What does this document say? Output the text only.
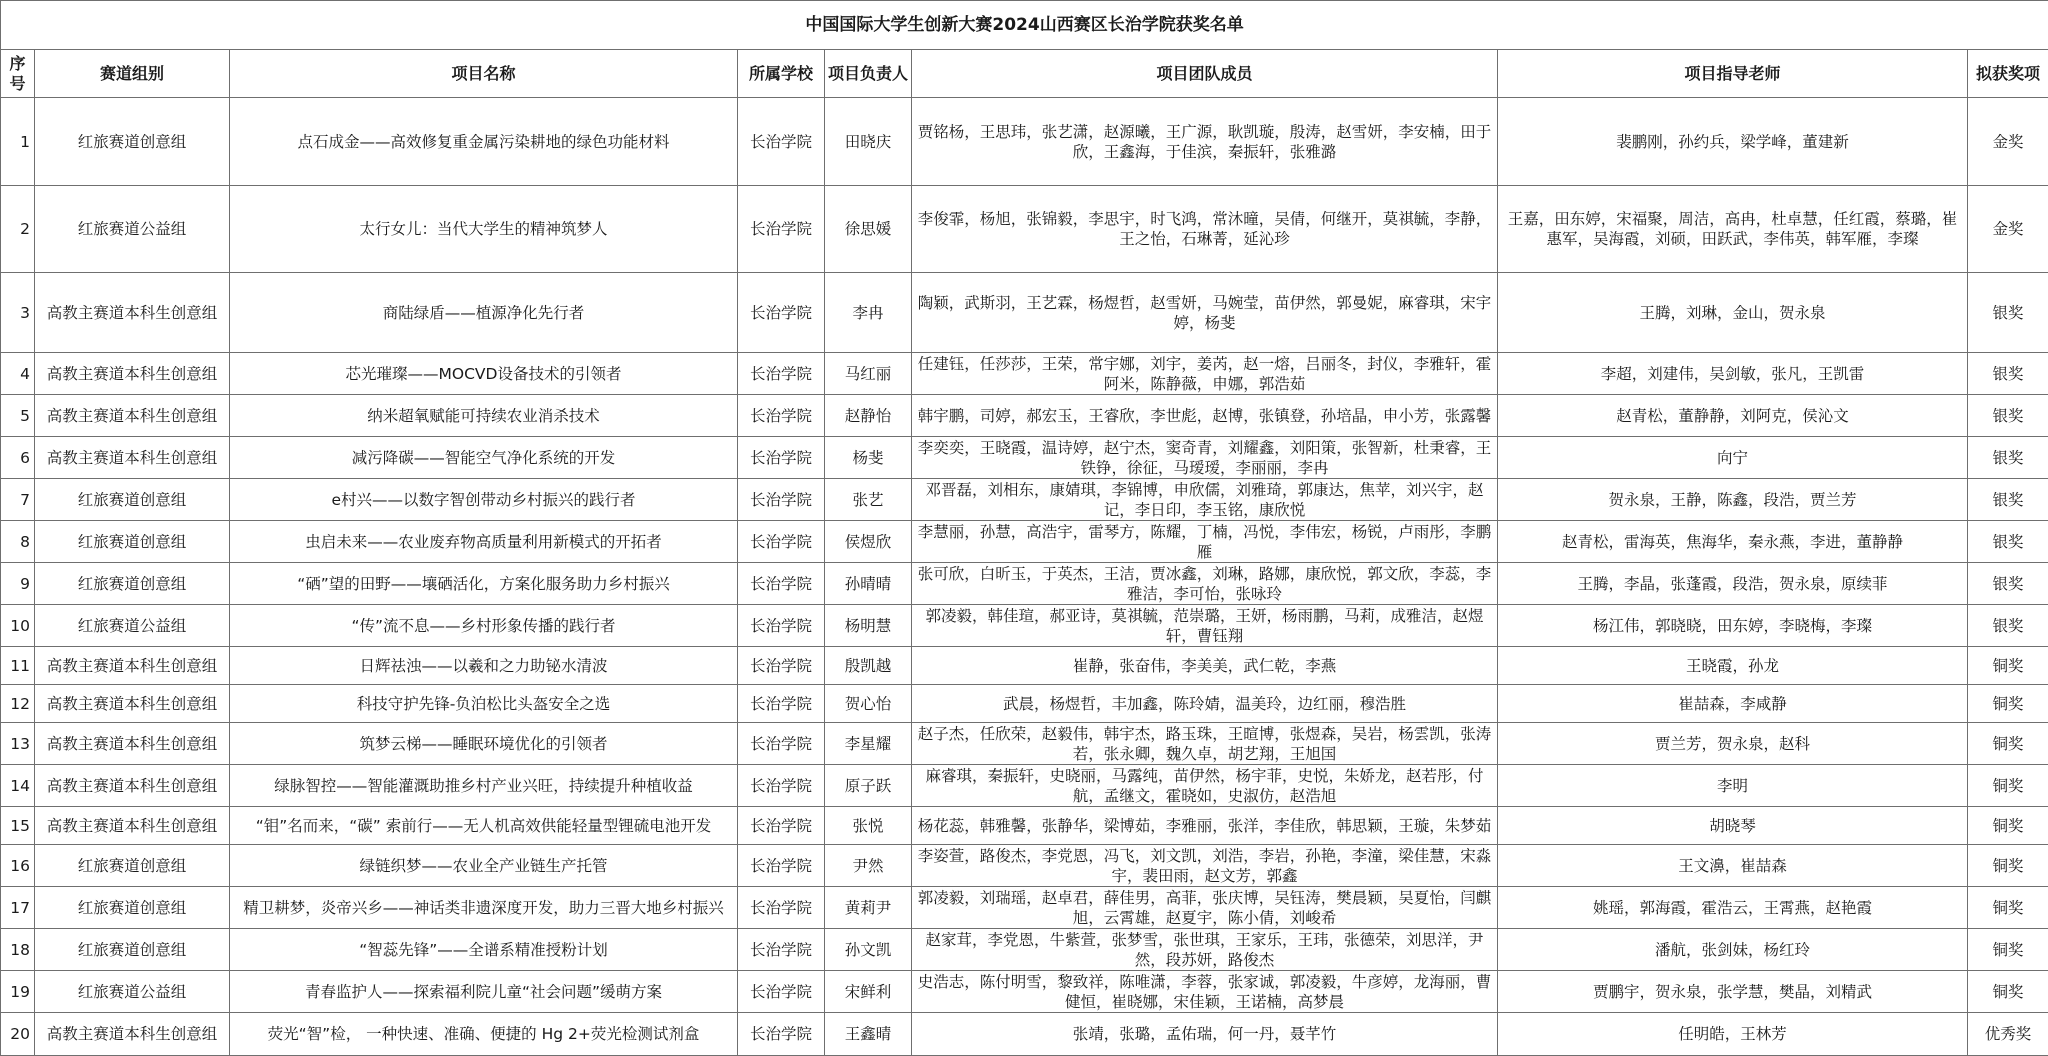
中国国际大学生创新大赛2024山西赛区长治学院获奖名单							
序号	赛道组别	项目名称	所属学校	项目负责人	项目团队成员	项目指导老师	拟获奖项
1	红旅赛道创意组	点石成金——高效修复重金属污染耕地的绿色功能材料	长治学院	田晓庆	贾铭杨，王思玮，张艺潇，赵源曦，王广源，耿凯璇，殷涛，赵雪妍，李安楠，田于欣，王鑫海，于佳滨，秦振轩，张雅潞	裴鹏刚，孙约兵，梁学峰，董建新	金奖
2	红旅赛道公益组	太行女儿：当代大学生的精神筑梦人	长治学院	徐思媛	李俊霏，杨旭，张锦毅，李思宇，时飞鸿，常沐曈，吴倩，何继开，莫祺毓，李静，王之怡，石琳菁，延沁珍	王嘉，田东婷，宋福聚，周洁，高冉，杜卓慧，任红霞，蔡璐，崔惠军，吴海霞，刘硕，田跃武，李伟英，韩军雁，李璨	金奖
3	高教主赛道本科生创意组	商陆绿盾——植源净化先行者	长治学院	李冉	陶颖，武斯羽，王艺霖，杨煜哲，赵雪妍，马婉莹，苗伊然，郭曼妮，麻睿琪，宋宇婷，杨斐	王腾，刘琳，金山，贺永泉	银奖
4	高教主赛道本科生创意组	芯光璀璨——MOCVD设备技术的引领者	长治学院	马红丽	任建钰，任莎莎，王荣，常宇娜，刘宇，姜芮，赵一熔，吕丽冬，封仪，李雅轩，霍阿米，陈静薇，申娜，郭浩茹	李超，刘建伟，吴剑敏，张凡，王凯雷	银奖
5	高教主赛道本科生创意组	纳米超氧赋能可持续农业消杀技术	长治学院	赵静怡	韩宇鹏，司婷，郝宏玉，王睿欣，李世彪，赵博，张镇登，孙培晶，申小芳，张露馨	赵青松，董静静，刘阿克，侯沁文	银奖
6	高教主赛道本科生创意组	减污降碳——智能空气净化系统的开发	长治学院	杨斐	李奕奕，王晓霞，温诗婷，赵宁杰，窦奇青，刘耀鑫，刘阳策，张智新，杜秉睿，王铁铮，徐征，马瑷瑷，李丽丽，李冉	向宁	银奖
7	红旅赛道创意组	e村兴——以数字智创带动乡村振兴的践行者	长治学院	张艺	邓晋磊，刘相东，康婧琪，李锦博，申欣儒，刘雅琦，郭康达，焦苹，刘兴宇，赵记，李日印，李玉铭，康欣悦	贺永泉，王静，陈鑫，段浩，贾兰芳	银奖
8	红旅赛道创意组	虫启未来——农业废弃物高质量利用新模式的开拓者	长治学院	侯煜欣	李慧丽，孙慧，高浩宇，雷琴方，陈耀，丁楠，冯悦，李伟宏，杨锐，卢雨彤，李鹏雁	赵青松，雷海英，焦海华，秦永燕，李进，董静静	银奖
9	红旅赛道创意组	“硒”望的田野——壤硒活化，方案化服务助力乡村振兴	长治学院	孙晴晴	张可欣，白昕玉，于英杰，王洁，贾冰鑫，刘琳，路娜，康欣悦，郭文欣，李蕊，李雅洁，李可怡，张咏玲	王腾，李晶，张蓬霞，段浩，贺永泉，原续菲	银奖
10	红旅赛道公益组	“传”流不息——乡村形象传播的践行者	长治学院	杨明慧	郭凌毅，韩佳瑄，郝亚诗，莫祺毓，范崇璐，王妍，杨雨鹏，马莉，成雅洁，赵煜轩，曹钰翔	杨江伟，郭晓晓，田东婷，李晓梅，李璨	银奖
11	高教主赛道本科生创意组	日辉祛浊——以羲和之力助铋水清波	长治学院	殷凯越	崔静，张奋伟，李美美，武仁乾，李燕	王晓霞，孙龙	铜奖
12	高教主赛道本科生创意组	科技守护先锋-负泊松比头盔安全之选	长治学院	贺心怡	武晨，杨煜哲，丰加鑫，陈玲婧，温美玲，边红丽，穆浩胜	崔喆森，李咸静	铜奖
13	高教主赛道本科生创意组	筑梦云梯——睡眠环境优化的引领者	长治学院	李星耀	赵子杰，任欣荣，赵毅伟，韩宇杰，路玉珠，王暄博，张煜森，吴岩，杨雲凯，张涛若，张永卿，魏久卓，胡艺翔，王旭国	贾兰芳，贺永泉，赵科	铜奖
14	高教主赛道本科生创意组	绿脉智控——智能灌溉助推乡村产业兴旺，持续提升种植收益	长治学院	原子跃	麻睿琪，秦振轩，史晓丽，马露纯，苗伊然，杨宇菲，史悦，朱娇龙，赵若彤，付航，孟继文，霍晓如，史淑仿，赵浩旭	李明	铜奖
15	高教主赛道本科生创意组	“钼”名而来，“碳” 索前行——无人机高效供能轻量型锂硫电池开发	长治学院	张悦	杨花蕊，韩雅馨，张静华，梁博茹，李雅丽，张洋，李佳欣，韩思颖，王璇，朱梦茹	胡晓琴	铜奖
16	红旅赛道创意组	绿链织梦——农业全产业链生产托管	长治学院	尹然	李姿萱，路俊杰，李党恩，冯飞，刘文凯，刘浩，李岩，孙艳，李潼，梁佳慧，宋淼宇，裴田雨，赵文芳，郭鑫	王文濞，崔喆森	铜奖
17	红旅赛道创意组	精卫耕梦，炎帝兴乡——神话类非遗深度开发，助力三晋大地乡村振兴	长治学院	黄莉尹	郭凌毅，刘瑞瑶，赵卓君，薛佳男，高菲，张庆博，吴钰涛，樊晨颖，吴夏怡，闫麒旭，云霄雄，赵夏宇，陈小倩，刘峻希	姚瑶，郭海霞，霍浩云，王霄燕，赵艳霞	铜奖
18	红旅赛道创意组	“智蕊先锋”——全谱系精准授粉计划	长治学院	孙文凯	赵家茸，李党恩，牛紫萱，张梦雪，张世琪，王家乐，王玮，张德荣，刘思洋，尹然，段苏妍，路俊杰	潘航，张剑妹，杨红玲	铜奖
19	红旅赛道公益组	青春监护人——探索福利院儿童“社会问题”缓萌方案	长治学院	宋鲜利	史浩志，陈付明雪，黎致祥，陈唯潇，李蓉，张家诚，郭凌毅，牛彦婷，龙海丽，曹健恒，崔晓娜，宋佳颖，王诺楠，高梦晨	贾鹏宇，贺永泉，张学慧，樊晶，刘精武	铜奖
20	高教主赛道本科生创意组	荧光“智”检， 一种快速、准确、便捷的 Hg 2+荧光检测试剂盒	长治学院	王鑫晴	张靖，张璐，孟佑瑞，何一丹，聂芊竹	任明皓，王林芳	优秀奖
